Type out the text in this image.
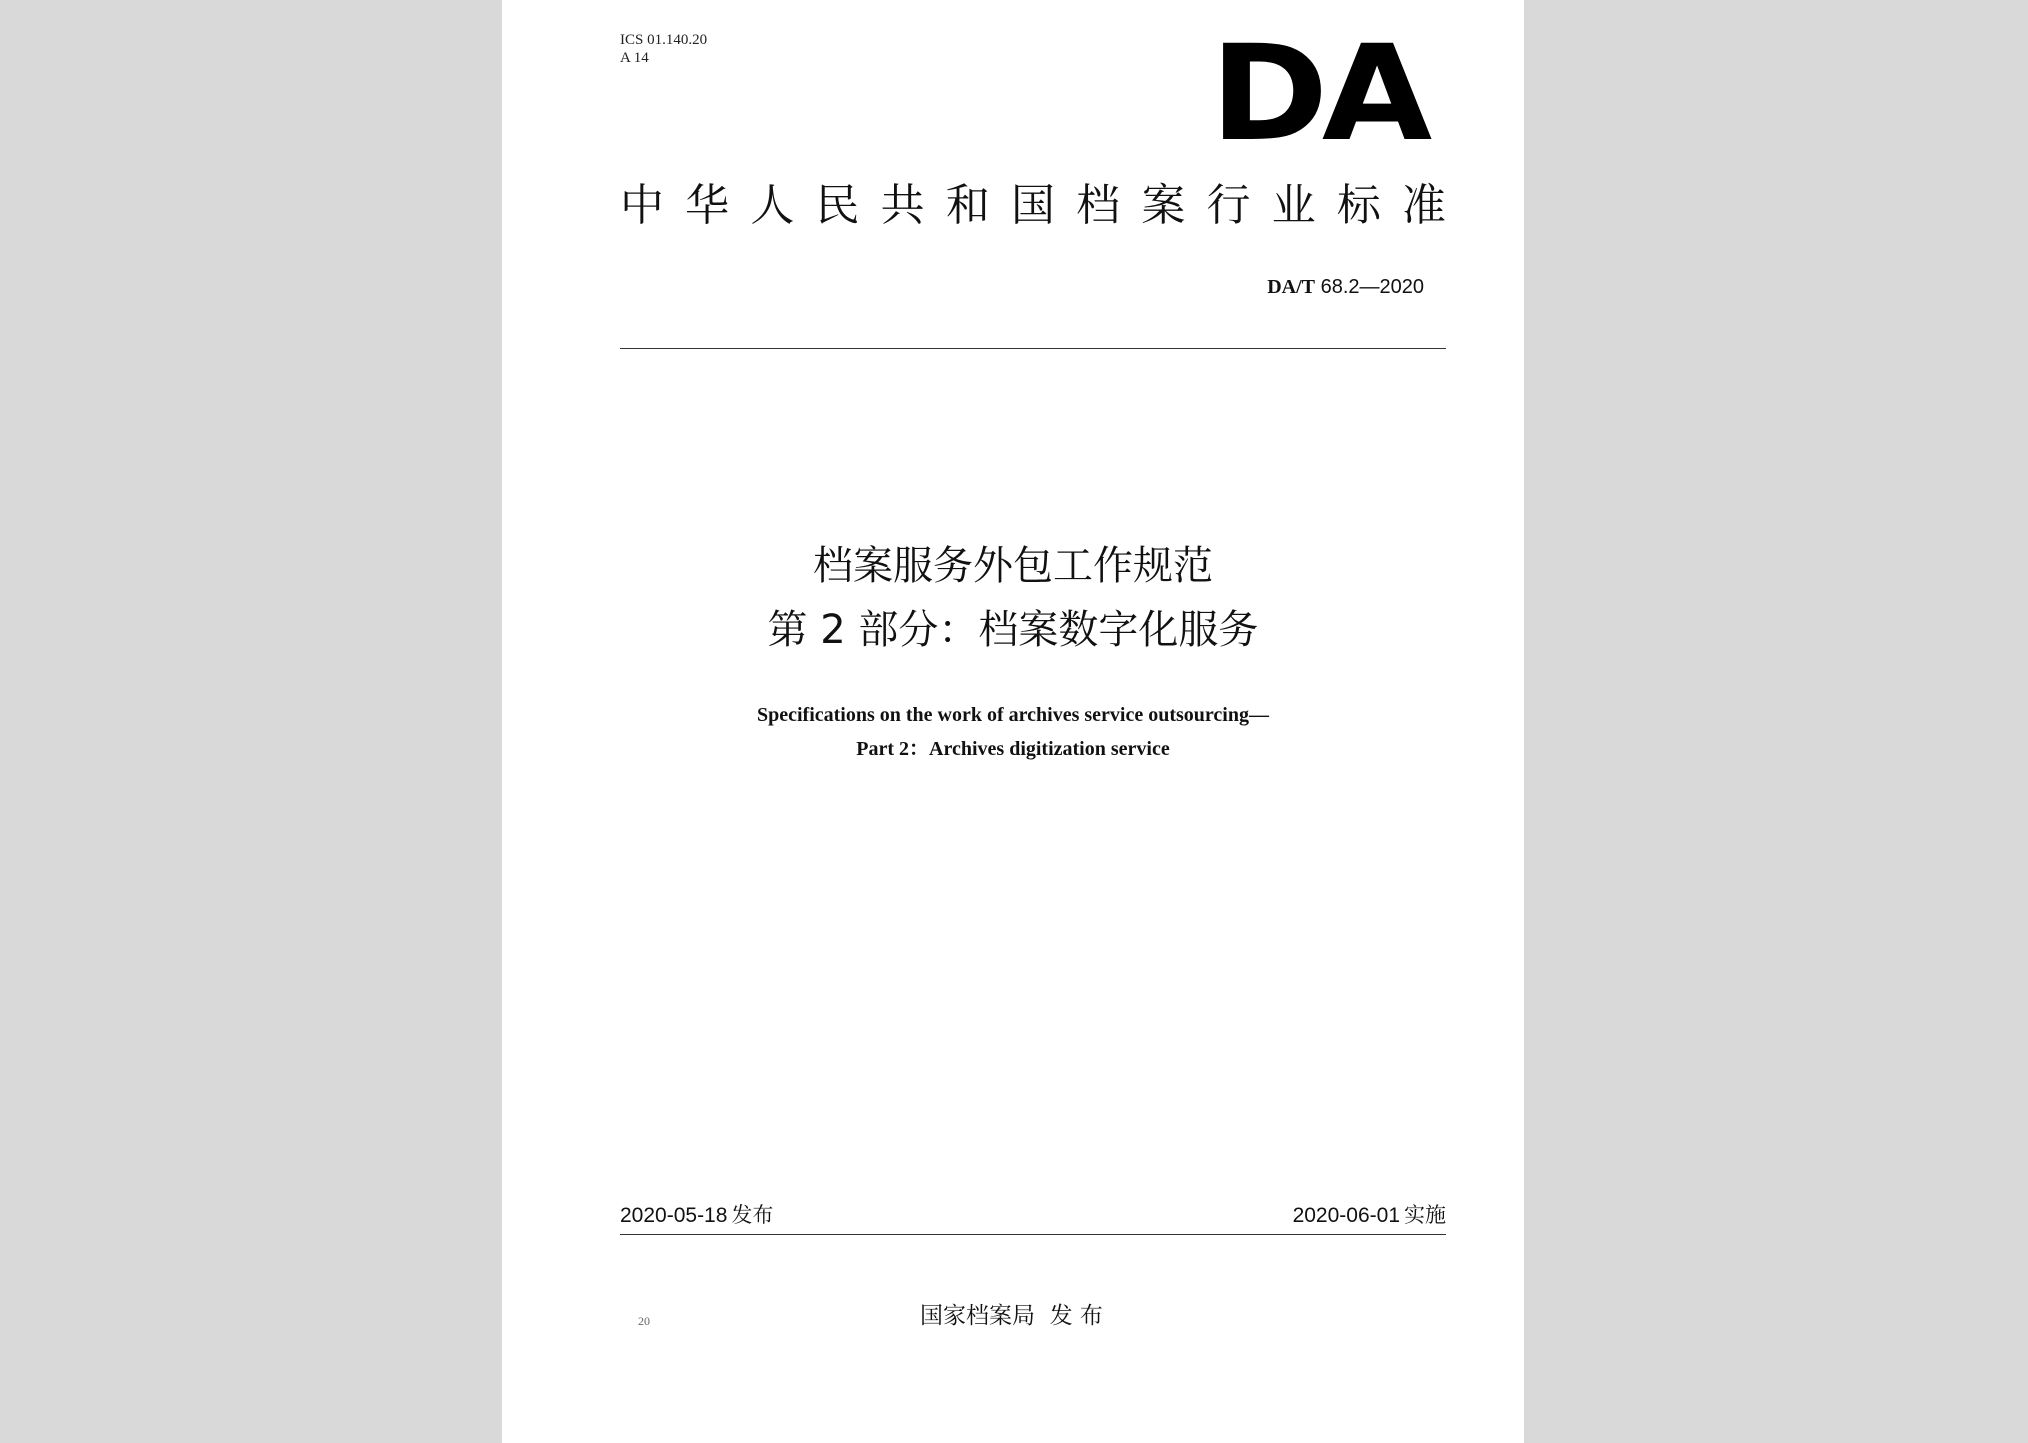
ICS 01.140.20
A 14	DA
中华人民共和国档案行业标准
DA/T 68.2—2020
档案服务外包工作规范
第 2 部分：档案数字化服务
Specifications on the work of archives service outsourcing—
Part 2：Archives digitization service
2020-05-18 发布	2020-06-01 实施
20	国家档案局  发 布
